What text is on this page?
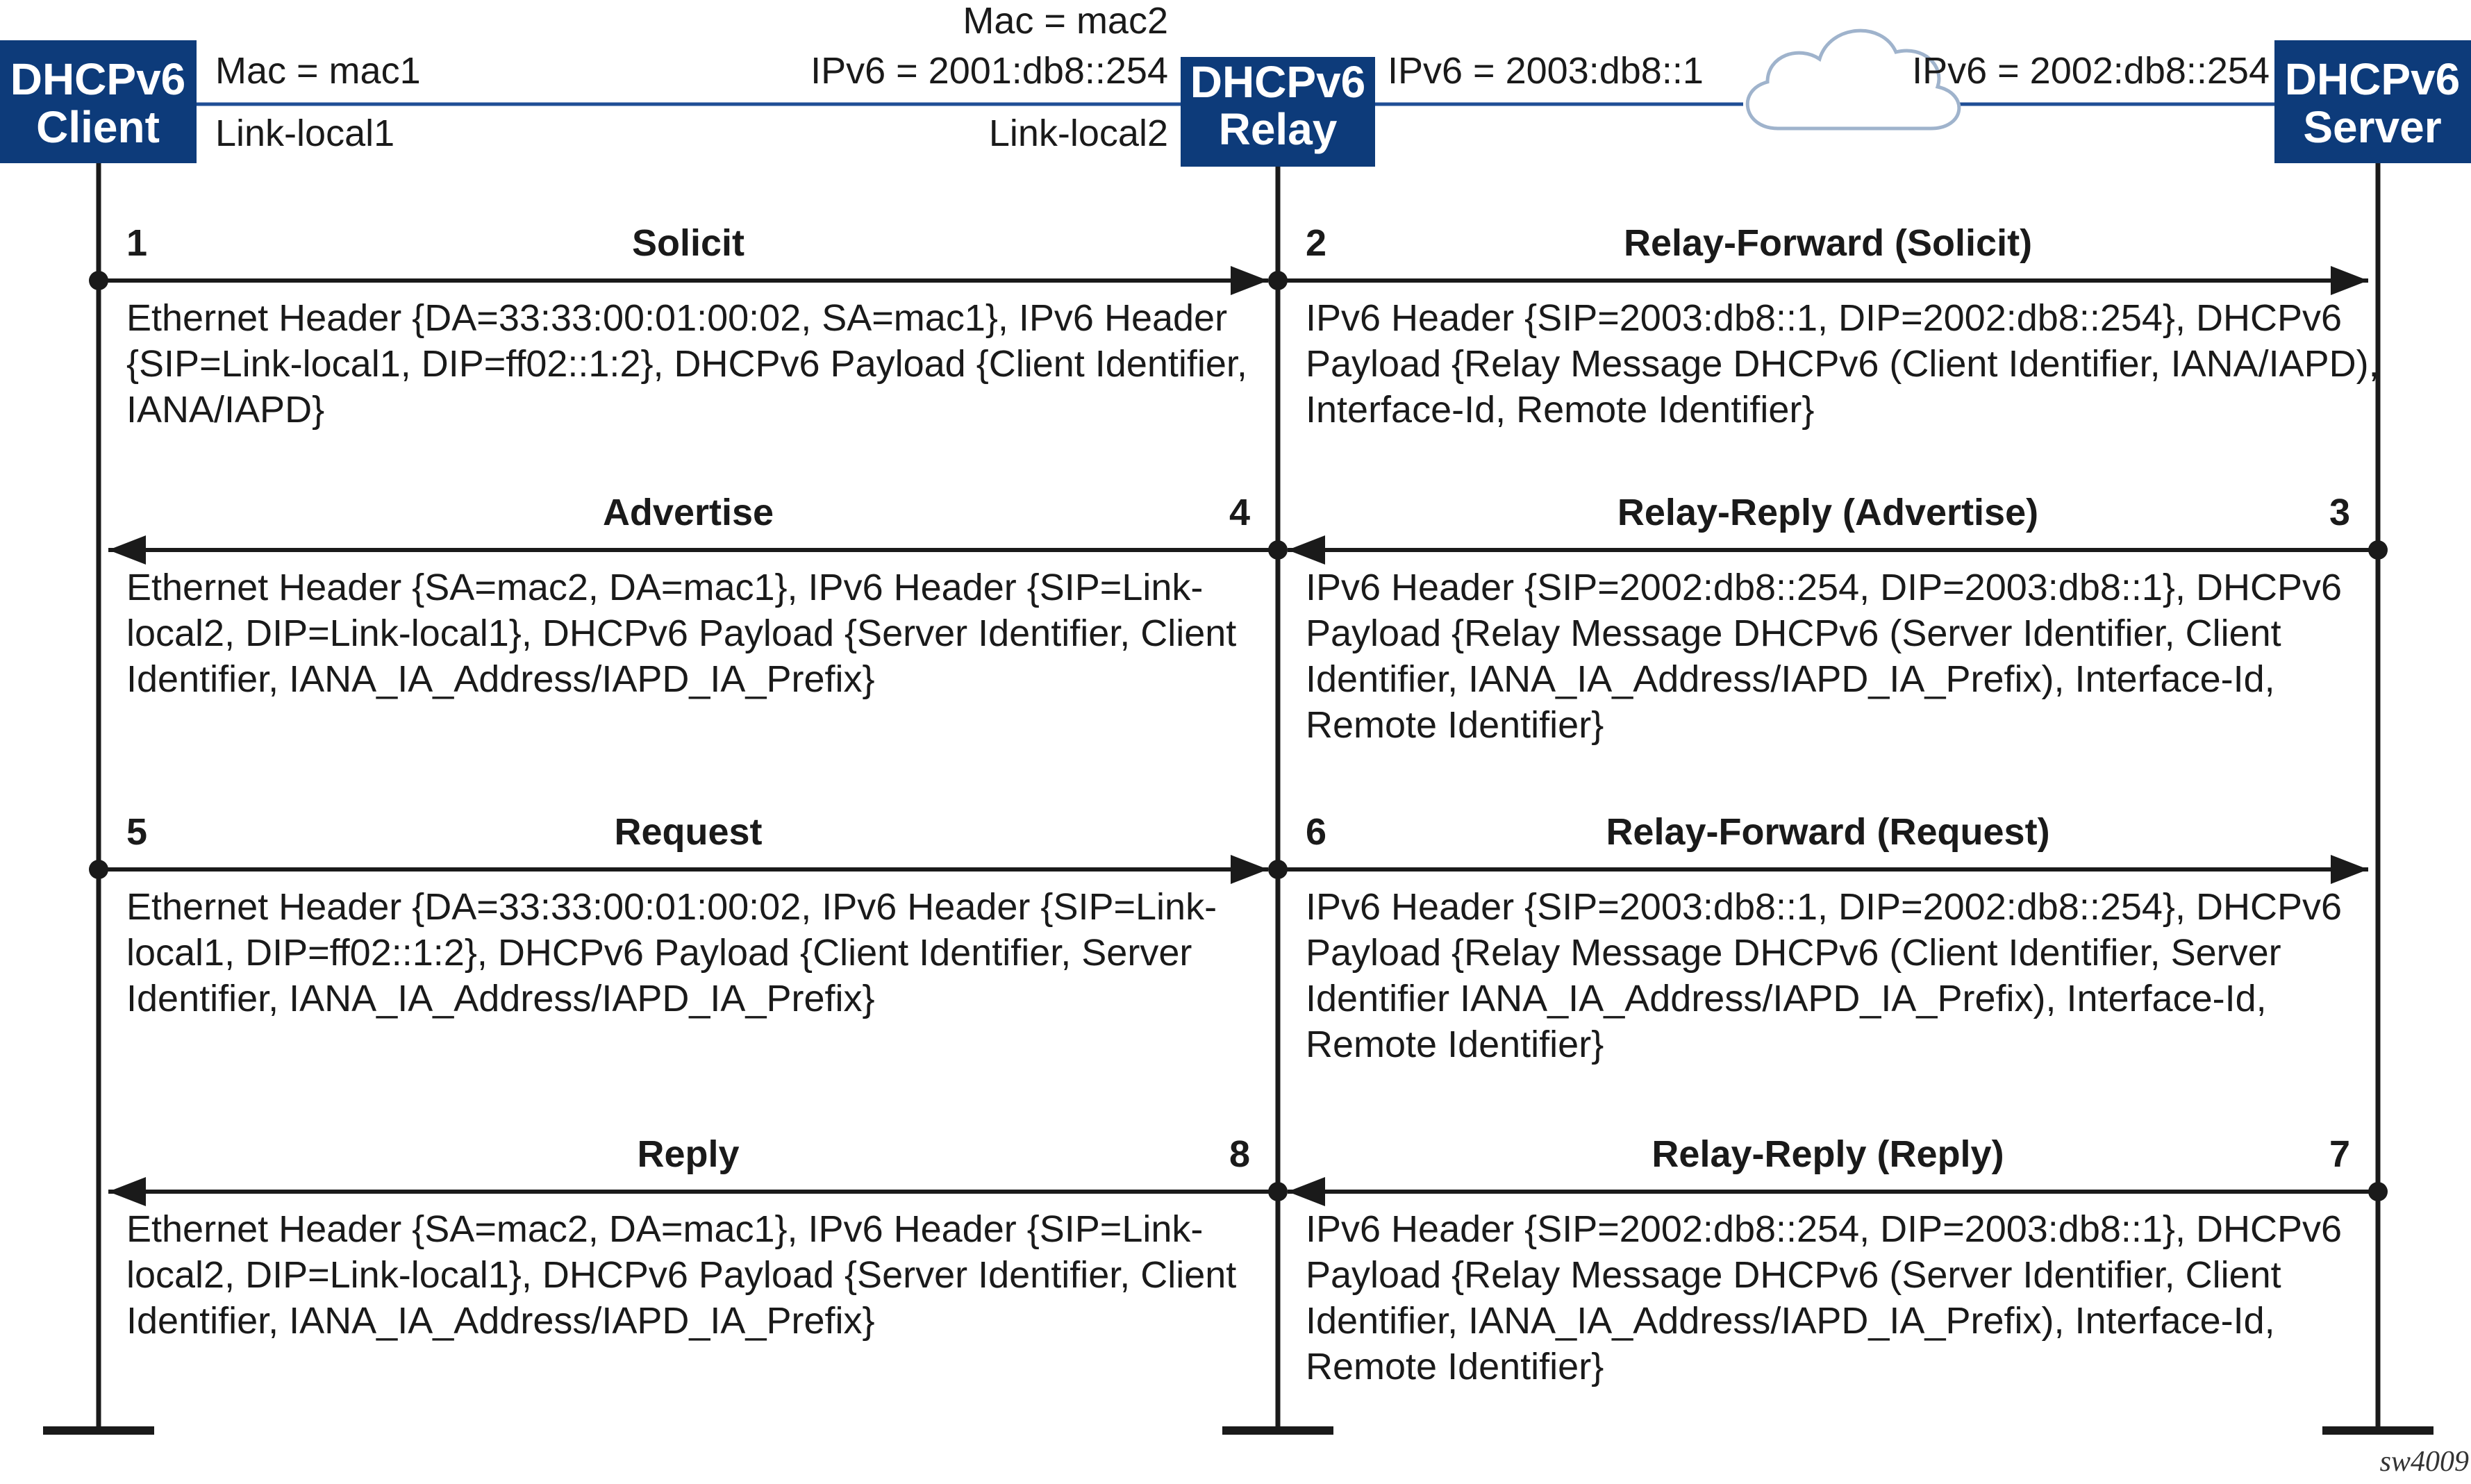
DHCPv6
Client
DHCPv6
Relay
DHCPv6
Server
Mac = mac1
Link-local1
Mac = mac2
IPv6 = 2001:db8::254
Link-local2
IPv6 = 2003:db8::1	IPv6 = 2002:db8::254
Solicit
1
Ethernet Header {DA=33:33:00:01:00:02, SA=mac1}, IPv6 Header {SIP=Link-local1, DIP=ff02::1:2}, DHCPv6 Payload {Client Identifier, IANA/IAPD}
Relay-Forward (Solicit)
2
IPv6 Header {SIP=2003:db8::1, DIP=2002:db8::254}, DHCPv6 Payload {Relay Message DHCPv6 (Client Identifier, IANA/IAPD), Interface-Id, Remote Identifier}
Relay-Reply (Advertise)	3
IPv6 Header {SIP=2002:db8::254, DIP=2003:db8::1}, DHCPv6 Payload {Relay Message DHCPv6 (Server Identifier, Client Identifier, IANA_IA_Address/IAPD_IA_Prefix), Interface-Id, Remote Identifier}
Advertise	4
Ethernet Header {SA=mac2, DA=mac1}, IPv6 Header {SIP=Link-local2, DIP=Link-local1}, DHCPv6 Payload {Server Identifier, Client Identifier, IANA_IA_Address/IAPD_IA_Prefix}
Request
5
Ethernet Header {DA=33:33:00:01:00:02, IPv6 Header {SIP=Link-local1, DIP=ff02::1:2}, DHCPv6 Payload {Client Identifier, Server Identifier, IANA_IA_Address/IAPD_IA_Prefix}
Relay-Forward (Request)
6
IPv6 Header {SIP=2003:db8::1, DIP=2002:db8::254}, DHCPv6 Payload {Relay Message DHCPv6 (Client Identifier, Server Identifier IANA_IA_Address/IAPD_IA_Prefix), Interface-Id, Remote Identifier}
Relay-Reply (Reply)	7
IPv6 Header {SIP=2002:db8::254, DIP=2003:db8::1}, DHCPv6 Payload {Relay Message DHCPv6 (Server Identifier, Client Identifier, IANA_IA_Address/IAPD_IA_Prefix), Interface-Id, Remote Identifier}
Reply	8
Ethernet Header {SA=mac2, DA=mac1}, IPv6 Header {SIP=Link-local2, DIP=Link-local1}, DHCPv6 Payload {Server Identifier, Client Identifier, IANA_IA_Address/IAPD_IA_Prefix}
sw4009
